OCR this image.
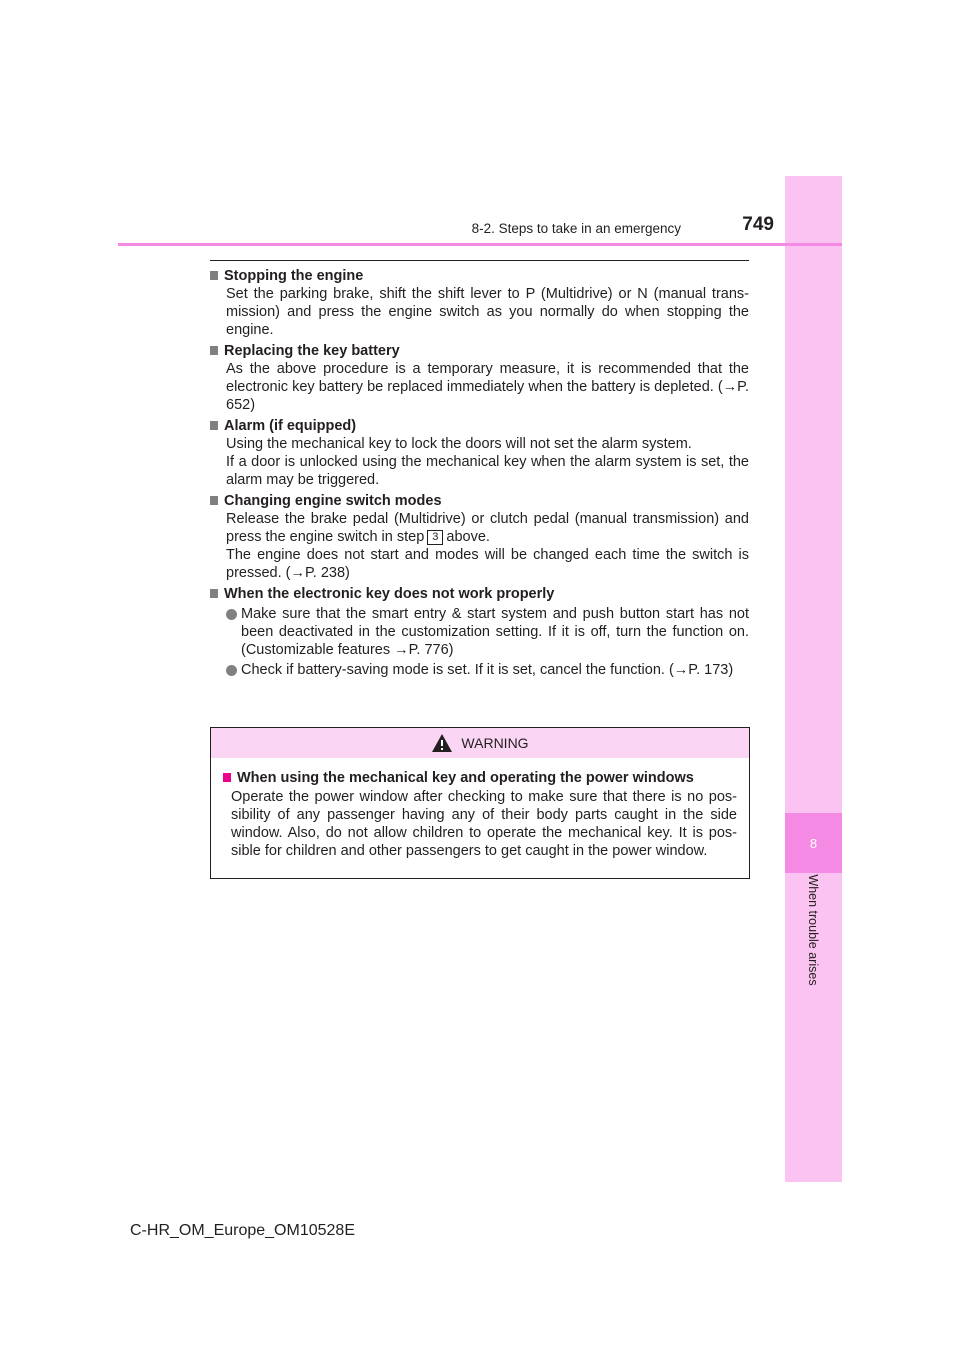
8
When trouble arises
8-2. Steps to take in an emergency	749
Stopping the engine
Set the parking brake, shift the shift lever to P (Multidrive) or N (manual trans-mission) and press the engine switch as you normally do when stopping the engine.
Replacing the key battery
As the above procedure is a temporary measure, it is recommended that the electronic key battery be replaced immediately when the battery is depleted. (→P. 652)
Alarm (if equipped)
Using the mechanical key to lock the doors will not set the alarm system.
If a door is unlocked using the mechanical key when the alarm system is set, the alarm may be triggered.
Changing engine switch modes
Release the brake pedal (Multidrive) or clutch pedal (manual transmission) and press the engine switch in step 3 above.
The engine does not start and modes will be changed each time the switch is pressed. (→P. 238)
When the electronic key does not work properly
Make sure that the smart entry & start system and push button start has not been deactivated in the customization setting. If it is off, turn the function on. (Customizable features →P. 776)
Check if battery-saving mode is set. If it is set, cancel the function. (→P. 173)
WARNING
When using the mechanical key and operating the power windows
Operate the power window after checking to make sure that there is no pos-sibility of any passenger having any of their body parts caught in the side window. Also, do not allow children to operate the mechanical key. It is pos-sible for children and other passengers to get caught in the power window.
C-HR_OM_Europe_OM10528E
